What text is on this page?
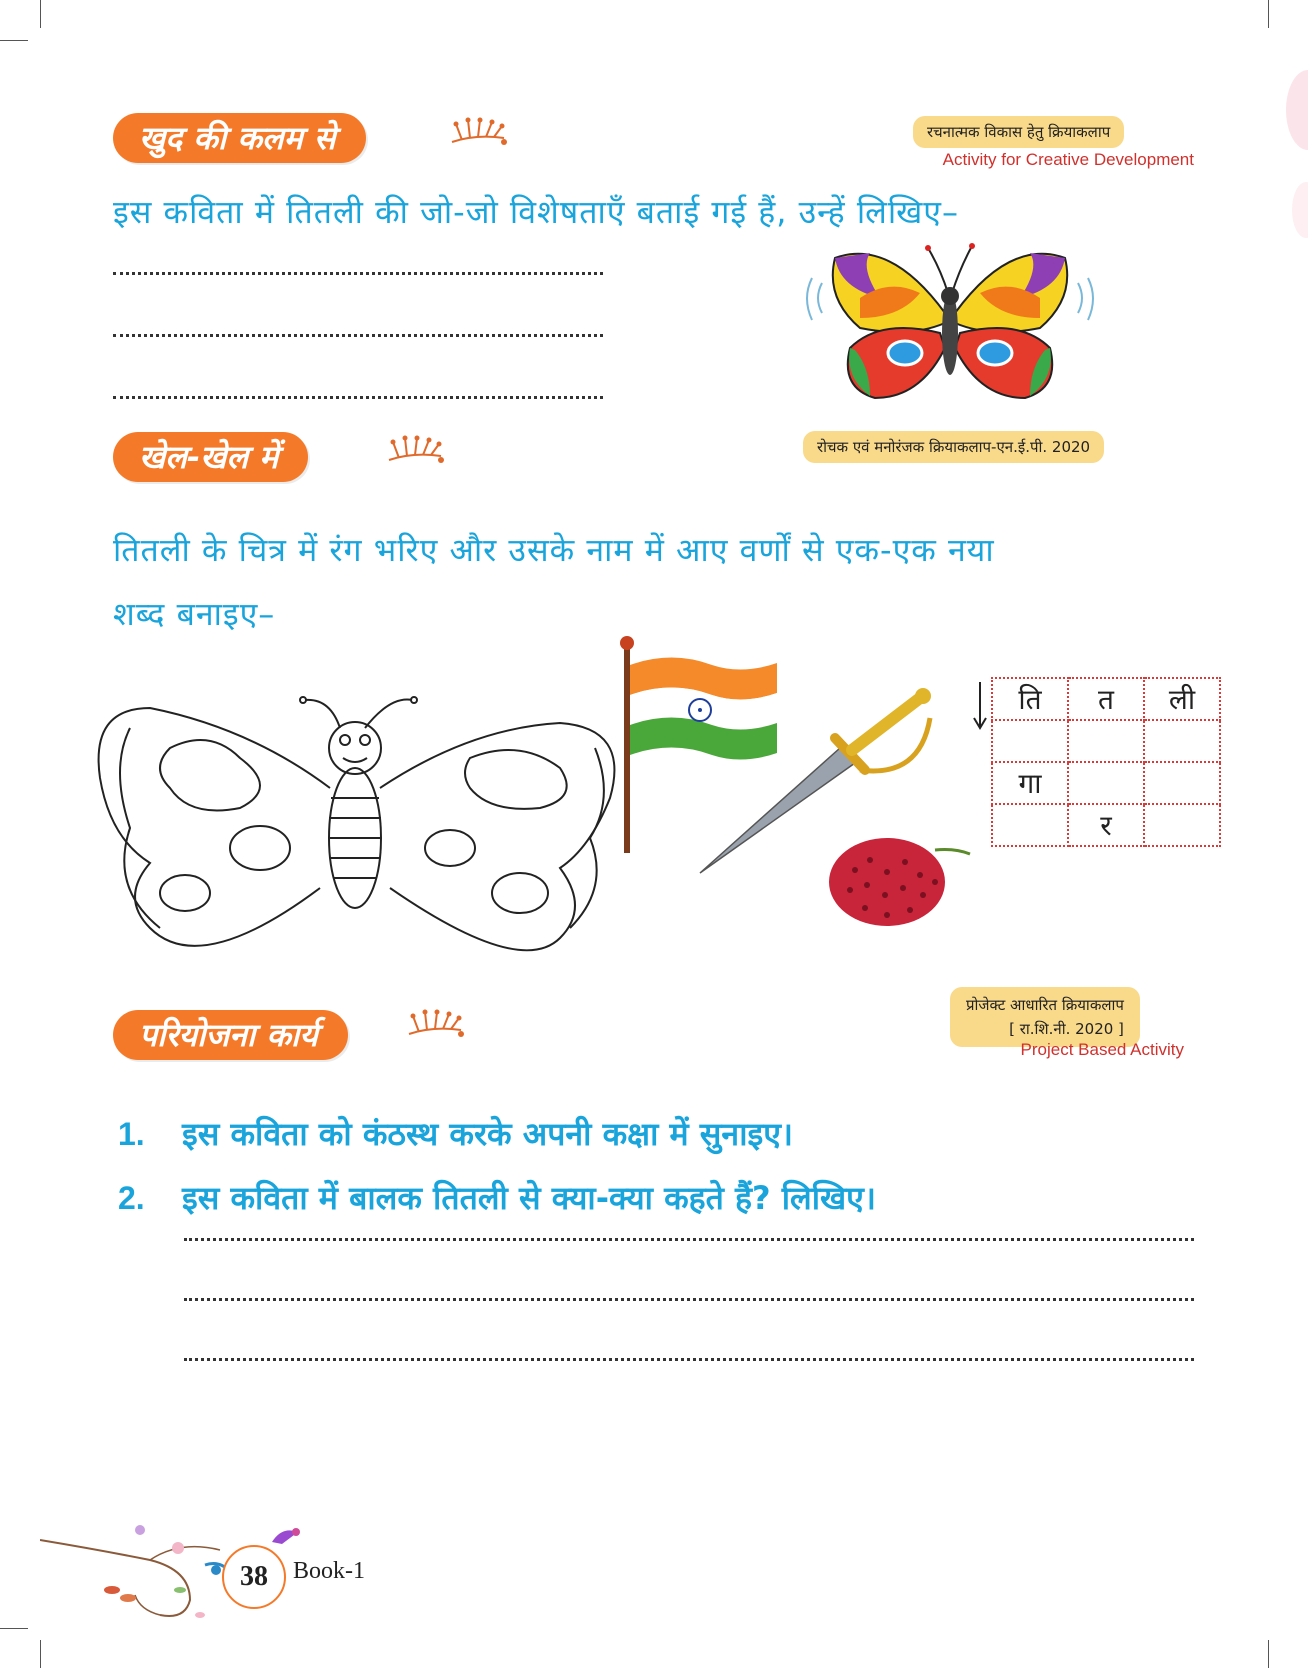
खुद की कलम से	रचनात्मक विकास हेतु क्रियाकलाप
Activity for Creative Development
इस कविता में तितली की जो-जो विशेषताएँ बताई गई हैं, उन्हें लिखिए–
खेल-खेल में	रोचक एवं मनोरंजक क्रियाकलाप-एन.ई.पी. 2020
तितली के चित्र में रंग भरिए और उसके नाम में आए वर्णों से एक-एक नया
शब्द बनाइए–
ति	त	ली

गा		
	र	
प्रोजेक्ट आधारित क्रियाकलाप
[ रा.शि.नी. 2020 ]
Project Based Activity
परियोजना कार्य
1. इस कविता को कंठस्थ करके अपनी कक्षा में सुनाइए।
2. इस कविता में बालक तितली से क्या-क्या कहते हैं? लिखिए।
38	Book-1
